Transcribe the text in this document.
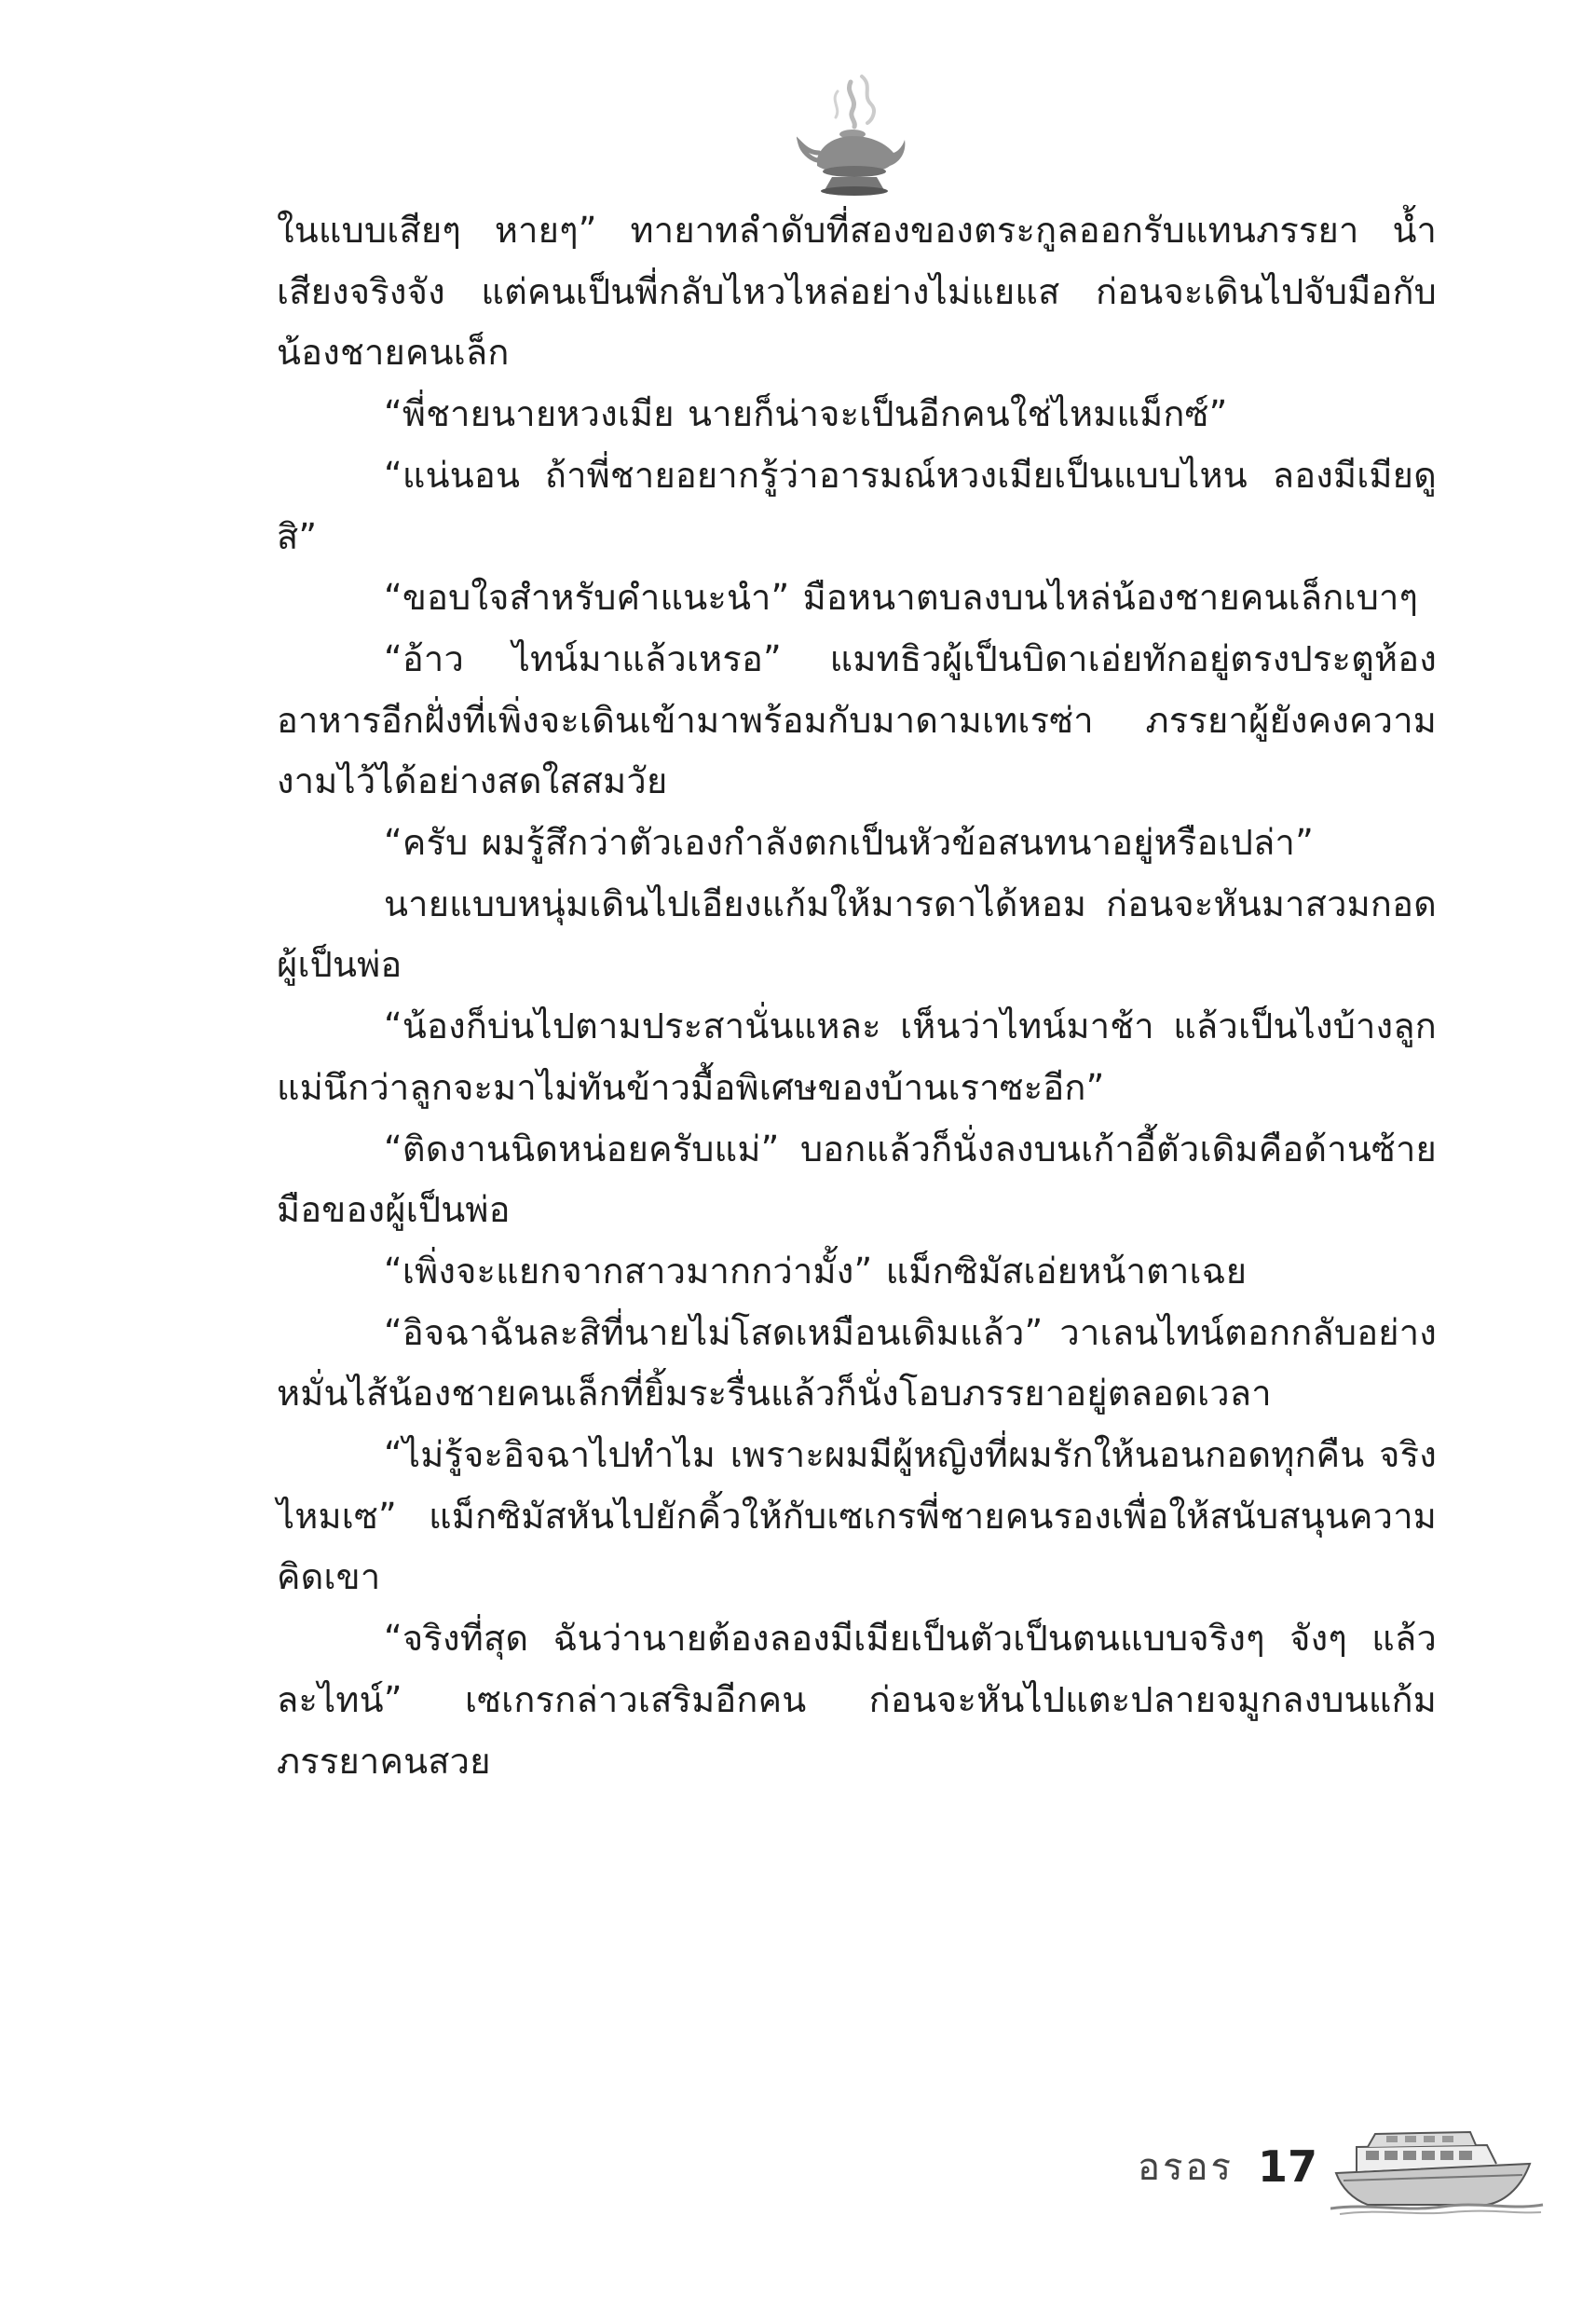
ในแบบเสียๆ หายๆ” ทายาทลำดับที่สองของตระกูลออกรับแทนภรรยา น้ำเสียงจริงจัง แต่คนเป็นพี่กลับไหวไหล่อย่างไม่แยแส ก่อนจะเดินไปจับมือกับน้องชายคนเล็ก

“พี่ชายนายหวงเมีย นายก็น่าจะเป็นอีกคนใช่ไหมแม็กซ์”

“แน่นอน ถ้าพี่ชายอยากรู้ว่าอารมณ์หวงเมียเป็นแบบไหน ลองมีเมียดูสิ”

“ขอบใจสำหรับคำแนะนำ” มือหนาตบลงบนไหล่น้องชายคนเล็กเบาๆ

“อ้าว ไทน์มาแล้วเหรอ” แมทธิวผู้เป็นบิดาเอ่ยทักอยู่ตรงประตูห้องอาหารอีกฝั่งที่เพิ่งจะเดินเข้ามาพร้อมกับมาดามเทเรซ่า ภรรยาผู้ยังคงความงามไว้ได้อย่างสดใสสมวัย

“ครับ ผมรู้สึกว่าตัวเองกำลังตกเป็นหัวข้อสนทนาอยู่หรือเปล่า”

นายแบบหนุ่มเดินไปเอียงแก้มให้มารดาได้หอม ก่อนจะหันมาสวมกอดผู้เป็นพ่อ

“น้องก็บ่นไปตามประสานั่นแหละ เห็นว่าไทน์มาช้า แล้วเป็นไงบ้างลูก แม่นึกว่าลูกจะมาไม่ทันข้าวมื้อพิเศษของบ้านเราซะอีก”

“ติดงานนิดหน่อยครับแม่” บอกแล้วก็นั่งลงบนเก้าอี้ตัวเดิมคือด้านซ้ายมือของผู้เป็นพ่อ

“เพิ่งจะแยกจากสาวมากกว่ามั้ง” แม็กซิมัสเอ่ยหน้าตาเฉย

“อิจฉาฉันละสิที่นายไม่โสดเหมือนเดิมแล้ว” วาเลนไทน์ตอกกลับอย่างหมั่นไส้น้องชายคนเล็กที่ยิ้มระรื่นแล้วก็นั่งโอบภรรยาอยู่ตลอดเวลา

“ไม่รู้จะอิจฉาไปทำไม เพราะผมมีผู้หญิงที่ผมรักให้นอนกอดทุกคืน จริงไหมเซ” แม็กซิมัสหันไปยักคิ้วให้กับเซเกรพี่ชายคนรองเพื่อให้สนับสนุนความคิดเขา

“จริงที่สุด ฉันว่านายต้องลองมีเมียเป็นตัวเป็นตนแบบจริงๆ จังๆ แล้วละไทน์” เซเกรกล่าวเสริมอีกคน ก่อนจะหันไปแตะปลายจมูกลงบนแก้มภรรยาคนสวย

อรอร 17
